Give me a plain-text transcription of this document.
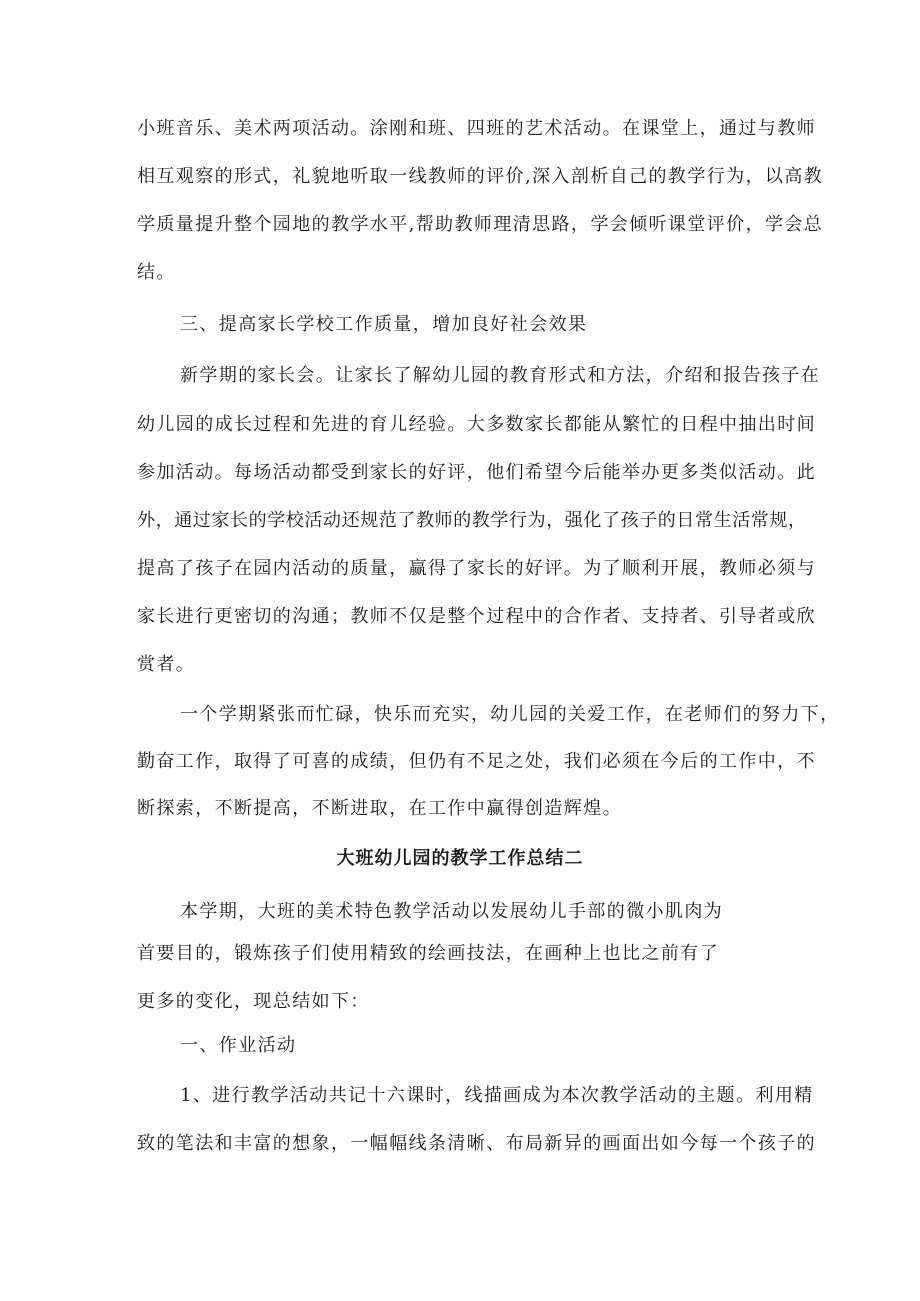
小班音乐、美术两项活动。涂刚和班、四班的艺术活动。在课堂上，通过与教师
相互观察的形式，礼貌地听取一线教师的评价,深入剖析自己的教学行为，以高教
学质量提升整个园地的教学水平,帮助教师理清思路，学会倾听课堂评价，学会总
结。
三、提高家长学校工作质量，增加良好社会效果
新学期的家长会。让家长了解幼儿园的教育形式和方法，介绍和报告孩子在
幼儿园的成长过程和先进的育儿经验。大多数家长都能从繁忙的日程中抽出时间
参加活动。每场活动都受到家长的好评，他们希望今后能举办更多类似活动。此
外，通过家长的学校活动还规范了教师的教学行为，强化了孩子的日常生活常规，
提高了孩子在园内活动的质量，赢得了家长的好评。为了顺利开展，教师必须与
家长进行更密切的沟通；教师不仅是整个过程中的合作者、支持者、引导者或欣
赏者。
一个学期紧张而忙碌，快乐而充实，幼儿园的关爱工作，在老师们的努力下，
勤奋工作，取得了可喜的成绩，但仍有不足之处，我们必须在今后的工作中，不
断探索，不断提高，不断进取，在工作中赢得创造辉煌。
大班幼儿园的教学工作总结二
本学期，大班的美术特色教学活动以发展幼儿手部的微小肌肉为
首要目的，锻炼孩子们使用精致的绘画技法，在画种上也比之前有了
更多的变化，现总结如下：
一、作业活动
1、进行教学活动共记十六课时，线描画成为本次教学活动的主题。利用精
致的笔法和丰富的想象，一幅幅线条清晰、布局新异的画面出如今每一个孩子的
